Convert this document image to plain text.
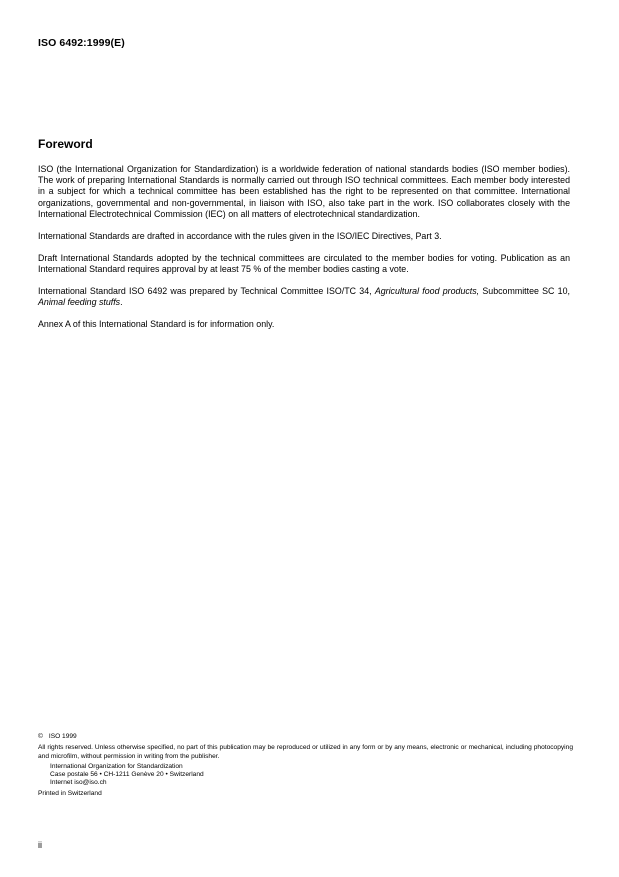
ISO 6492:1999(E)
Foreword

ISO (the International Organization for Standardization) is a worldwide federation of national standards bodies (ISO member bodies). The work of preparing International Standards is normally carried out through ISO technical committees. Each member body interested in a subject for which a technical committee has been established has the right to be represented on that committee. International organizations, governmental and non-governmental, in liaison with ISO, also take part in the work. ISO collaborates closely with the International Electrotechnical Commission (IEC) on all matters of electrotechnical standardization.

International Standards are drafted in accordance with the rules given in the ISO/IEC Directives, Part 3.

Draft International Standards adopted by the technical committees are circulated to the member bodies for voting. Publication as an International Standard requires approval by at least 75 % of the member bodies casting a vote.

International Standard ISO 6492 was prepared by Technical Committee ISO/TC 34, Agricultural food products, Subcommittee SC 10, Animal feeding stuffs.

Annex A of this International Standard is for information only.

© ISO 1999
All rights reserved. Unless otherwise specified, no part of this publication may be reproduced or utilized in any form or by any means, electronic or mechanical, including photocopying and microfilm, without permission in writing from the publisher.
International Organization for Standardization
Case postale 56 • CH-1211 Genève 20 • Switzerland
Internet iso@iso.ch
Printed in Switzerland
ii
